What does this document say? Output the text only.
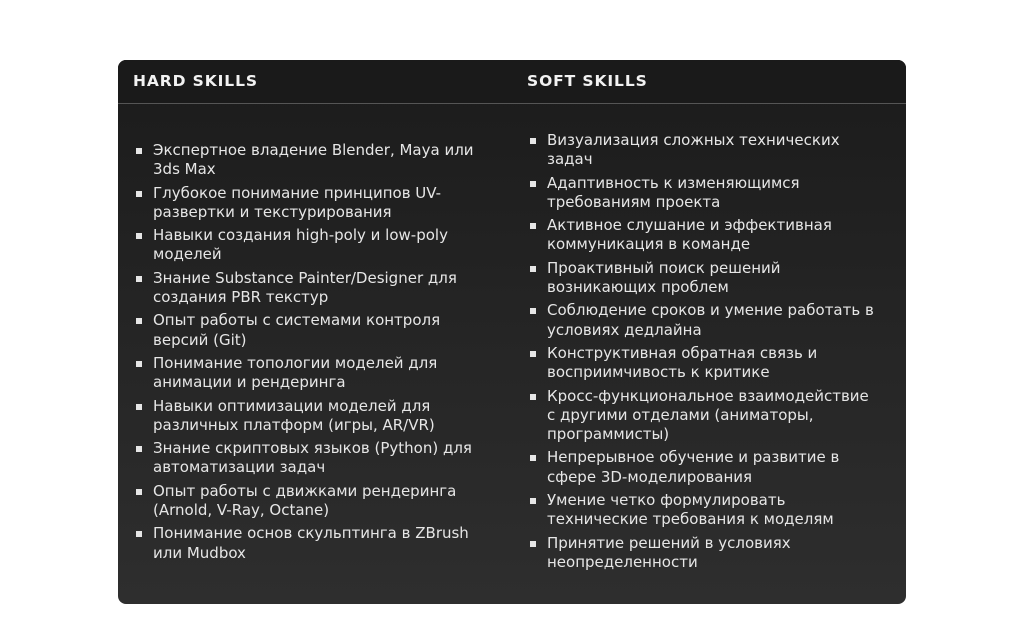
HARD SKILLS	SOFT SKILLS
Экспертное владение Blender, Maya или 3ds Max
Глубокое понимание принципов UV-развертки и текстурирования
Навыки создания high-poly и low-poly моделей
Знание Substance Painter/Designer для создания PBR текстур
Опыт работы с системами контроля версий (Git)
Понимание топологии моделей для анимации и рендеринга
Навыки оптимизации моделей для различных платформ (игры, AR/VR)
Знание скриптовых языков (Python) для автоматизации задач
Опыт работы с движками рендеринга (Arnold, V-Ray, Octane)
Понимание основ скульптинга в ZBrush или Mudbox
Визуализация сложных технических задач
Адаптивность к изменяющимся требованиям проекта
Активное слушание и эффективная коммуникация в команде
Проактивный поиск решений возникающих проблем
Соблюдение сроков и умение работать в условиях дедлайна
Конструктивная обратная связь и восприимчивость к критике
Кросс-функциональное взаимодействие с другими отделами (аниматоры, программисты)
Непрерывное обучение и развитие в сфере 3D-моделирования
Умение четко формулировать технические требования к моделям
Принятие решений в условиях неопределенности
